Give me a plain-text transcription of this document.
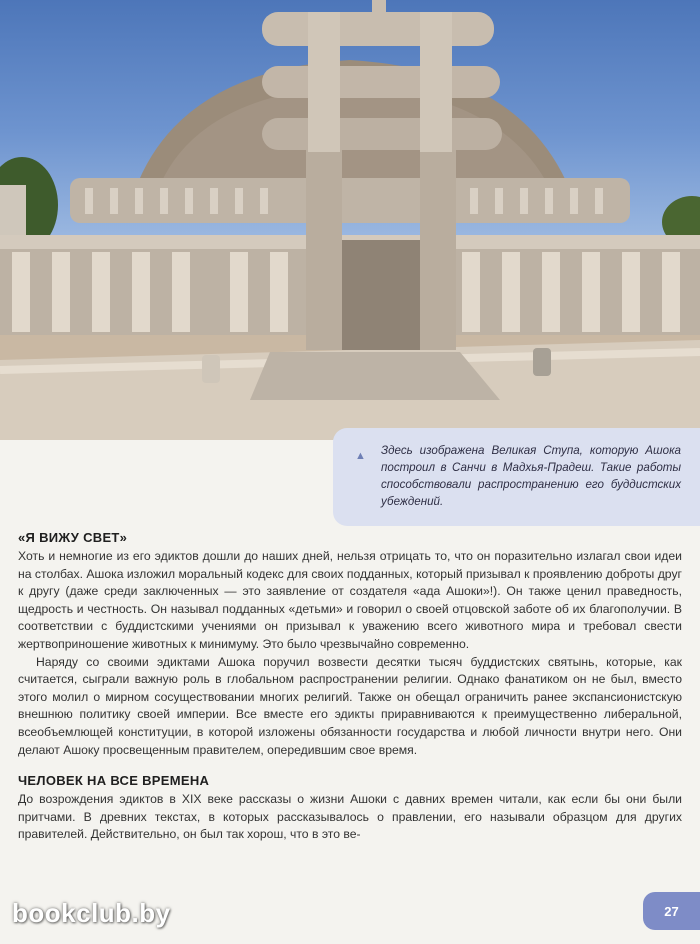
▲ Здесь изображена Великая Ступа, которую Ашока построил в Санчи в Мадхья-Прадеш. Такие работы способствовали распространению его буддистских убеждений.

«Я ВИЖУ СВЕТ»

Хоть и немногие из его эдиктов дошли до наших дней, нельзя отрицать то, что он поразительно излагал свои идеи на столбах. Ашока изложил моральный кодекс для своих подданных, который призывал к проявлению доброты друг к другу (даже среди заключенных — это заявление от создателя «ада Ашоки»!). Он также ценил праведность, щедрость и честность. Он называл подданных «детьми» и говорил о своей отцовской заботе об их благополучии. В соответствии с буддистскими учениями он призывал к уважению всего животного мира и требовал свести жертвоприношение животных к минимуму. Это было чрезвычайно современно.

Наряду со своими эдиктами Ашока поручил возвести десятки тысяч буддистских святынь, которые, как считается, сыграли важную роль в глобальном распространении религии. Однако фанатиком он не был, вместо этого молил о мирном сосуществовании многих религий. Также он обещал ограничить ранее экспансионистскую внешнюю политику своей империи. Все вместе его эдикты приравниваются к преимущественно либеральной, всеобъемлющей конституции, в которой изложены обязанности государства и любой личности внутри него. Они делают Ашоку просвещенным правителем, опередившим свое время.

ЧЕЛОВЕК НА ВСЕ ВРЕМЕНА

До возрождения эдиктов в XIX веке рассказы о жизни Ашоки с давних времен читали, как если бы они были притчами. В древних текстах, в которых рассказывалось о правлении, его называли образцом для других правителей. Действительно, он был так хорош, что в это ве-

bookclub.by	27
